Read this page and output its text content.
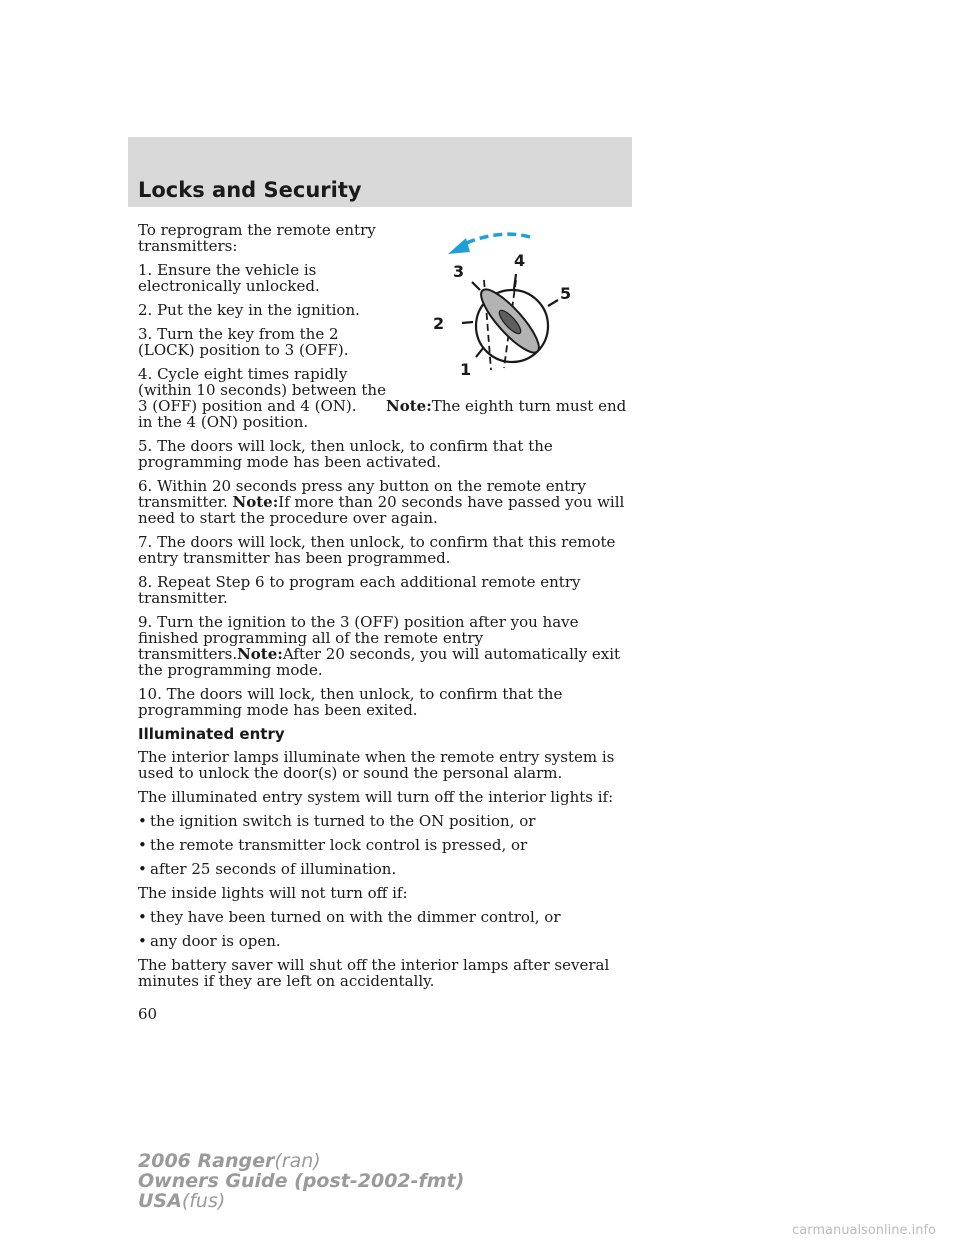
Locks and Security
1
2
3
4
5

To reprogram the remote entry transmitters:

1. Ensure the vehicle is electronically unlocked.

2. Put the key in the ignition.

3. Turn the key from the 2 (LOCK) position to 3 (OFF).

4. Cycle eight times rapidly (within 10 seconds) between the 3 (OFF) position and 4 (ON). Note:The eighth turn must end in the 4 (ON) position.

5. The doors will lock, then unlock, to confirm that the programming mode has been activated.

6. Within 20 seconds press any button on the remote entry transmitter. Note:If more than 20 seconds have passed you will need to start the procedure over again.

7. The doors will lock, then unlock, to confirm that this remote entry transmitter has been programmed.

8. Repeat Step 6 to program each additional remote entry transmitter.

9. Turn the ignition to the 3 (OFF) position after you have finished programming all of the remote entry transmitters.Note:After 20 seconds, you will automatically exit the programming mode.

10. The doors will lock, then unlock, to confirm that the programming mode has been exited.

Illuminated entry

The interior lamps illuminate when the remote entry system is used to unlock the door(s) or sound the personal alarm.

The illuminated entry system will turn off the interior lights if:

• the ignition switch is turned to the ON position, or
• the remote transmitter lock control is pressed, or
• after 25 seconds of illumination.

The inside lights will not turn off if:

• they have been turned on with the dimmer control, or
• any door is open.

The battery saver will shut off the interior lamps after several minutes if they are left on accidentally.

60
2006 Ranger(ran)
Owners Guide (post-2002-fmt)
USA(fus)
carmanualsonline.info
